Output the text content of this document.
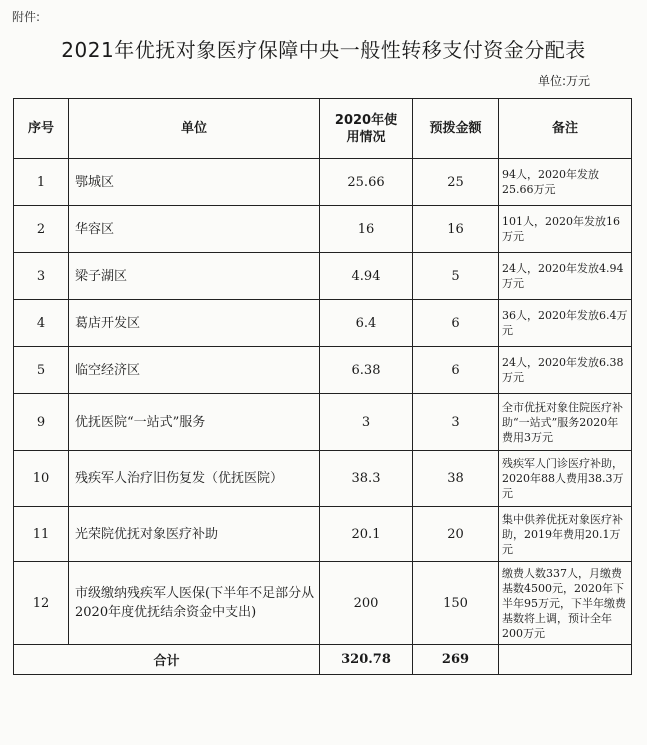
附件:
2021年优抚对象医疗保障中央一般性转移支付资金分配表
单位:万元
序号	单位	2020年使用情况	预拨金额	备注
1	鄂城区	25.66	25	94人，2020年发放25.66万元
2	华容区	16	16	101人，2020年发放16万元
3	梁子湖区	4.94	5	24人，2020年发放4.94万元
4	葛店开发区	6.4	6	36人，2020年发放6.4万元
5	临空经济区	6.38	6	24人，2020年发放6.38万元
9	优抚医院“一站式”服务	3	3	全市优抚对象住院医疗补助“一站式”服务2020年费用3万元
10	残疾军人治疗旧伤复发（优抚医院）	38.3	38	残疾军人门诊医疗补助，2020年88人费用38.3万元
11	光荣院优抚对象医疗补助	20.1	20	集中供养优抚对象医疗补助，2019年费用20.1万元
12	市级缴纳残疾军人医保(下半年不足部分从2020年度优抚结余资金中支出)	200	150	缴费人数337人，月缴费基数4500元，2020年下半年95万元，下半年缴费基数将上调，预计全年200万元
合计		320.78	269	
